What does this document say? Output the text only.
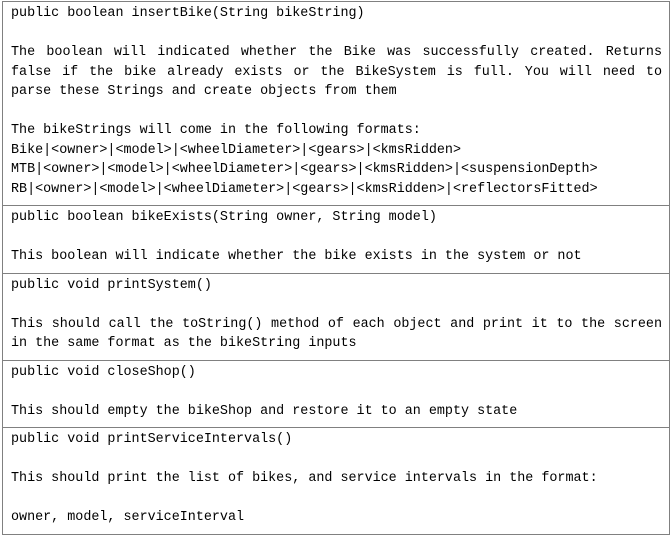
public boolean insertBike(String bikeString)
The boolean will indicated whether the Bike was successfully created. Returns false if the bike already exists or the BikeSystem is full. You will need to parse these Strings and create objects from them
The bikeStrings will come in the following formats:
Bike|<owner>|<model>|<wheelDiameter>|<gears>|<kmsRidden>
MTB|<owner>|<model>|<wheelDiameter>|<gears>|<kmsRidden>|<suspensionDepth>
RB|<owner>|<model>|<wheelDiameter>|<gears>|<kmsRidden>|<reflectorsFitted>

public boolean bikeExists(String owner, String model)
This boolean will indicate whether the bike exists in the system or not

public void printSystem()
This should call the toString() method of each object and print it to the screen in the same format as the bikeString inputs

public void closeShop()
This should empty the bikeShop and restore it to an empty state

public void printServiceIntervals()
This should print the list of bikes, and service intervals in the format:
owner, model, serviceInterval
